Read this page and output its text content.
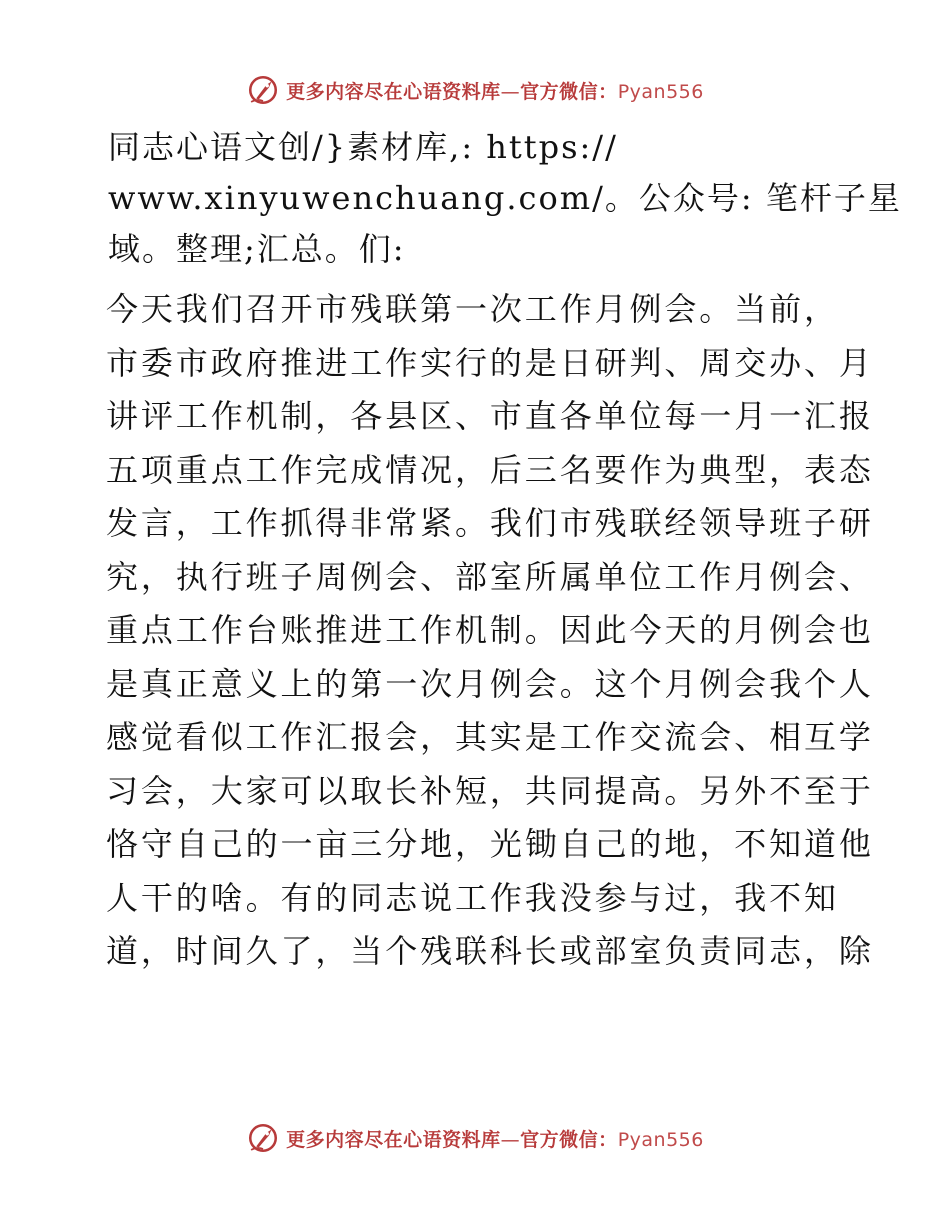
更多内容尽在心语资料库—官方微信：Pyan556

同志心语文创/}素材库,: https://
www.xinyuwenchuang.com/。公众号: 笔杆子星
域。整理;汇总。们:

今天我们召开市残联第一次工作月例会。当前，
市委市政府推进工作实行的是日研判、周交办、月
讲评工作机制，各县区、市直各单位每一月一汇报
五项重点工作完成情况，后三名要作为典型，表态
发言，工作抓得非常紧。我们市残联经领导班子研
究，执行班子周例会、部室所属单位工作月例会、
重点工作台账推进工作机制。因此今天的月例会也
是真正意义上的第一次月例会。这个月例会我个人
感觉看似工作汇报会，其实是工作交流会、相互学
习会，大家可以取长补短，共同提高。另外不至于
恪守自己的一亩三分地，光锄自己的地，不知道他
人干的啥。有的同志说工作我没参与过，我不知
道，时间久了，当个残联科长或部室负责同志，除

更多内容尽在心语资料库—官方微信：Pyan556
